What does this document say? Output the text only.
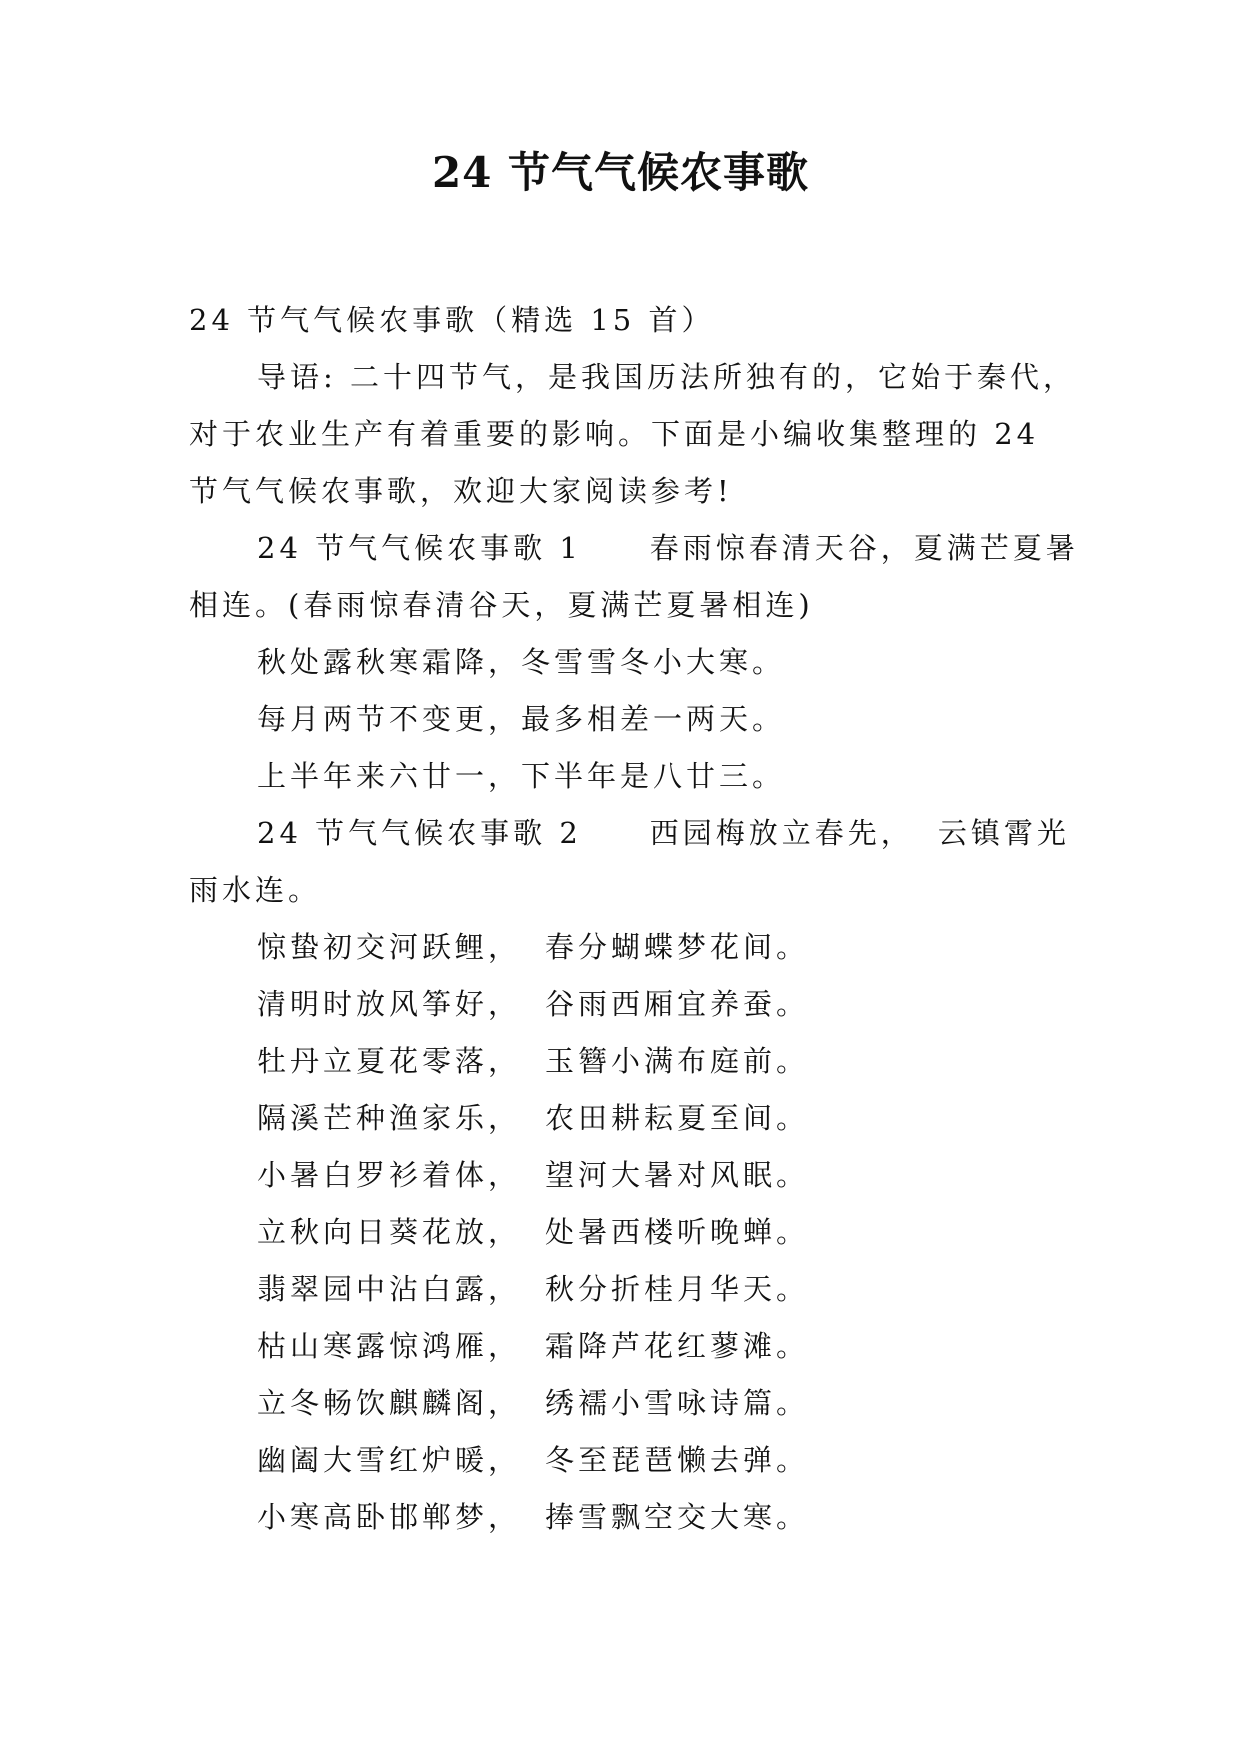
24 节气气候农事歌

24 节气气候农事歌（精选 15 首）

导语: 二十四节气，是我国历法所独有的，它始于秦代，

对于农业生产有着重要的影响。下面是小编收集整理的 24

节气气候农事歌，欢迎大家阅读参考!

24 节气气候农事歌 1 春雨惊春清天谷，夏满芒夏暑

相连。(春雨惊春清谷天，夏满芒夏暑相连)

秋处露秋寒霜降，冬雪雪冬小大寒。

每月两节不变更，最多相差一两天。

上半年来六廿一，下半年是八廿三。

24 节气气候农事歌 2 西园梅放立春先， 云镇霄光

雨水连。

惊蛰初交河跃鲤， 春分蝴蝶梦花间。

清明时放风筝好， 谷雨西厢宜养蚕。

牡丹立夏花零落， 玉簪小满布庭前。

隔溪芒种渔家乐， 农田耕耘夏至间。

小暑白罗衫着体， 望河大暑对风眠。

立秋向日葵花放， 处暑西楼听晚蝉。

翡翠园中沾白露， 秋分折桂月华天。

枯山寒露惊鸿雁， 霜降芦花红蓼滩。

立冬畅饮麒麟阁， 绣襦小雪咏诗篇。

幽阖大雪红炉暖， 冬至琵琶懒去弹。

小寒高卧邯郸梦， 捧雪飘空交大寒。
